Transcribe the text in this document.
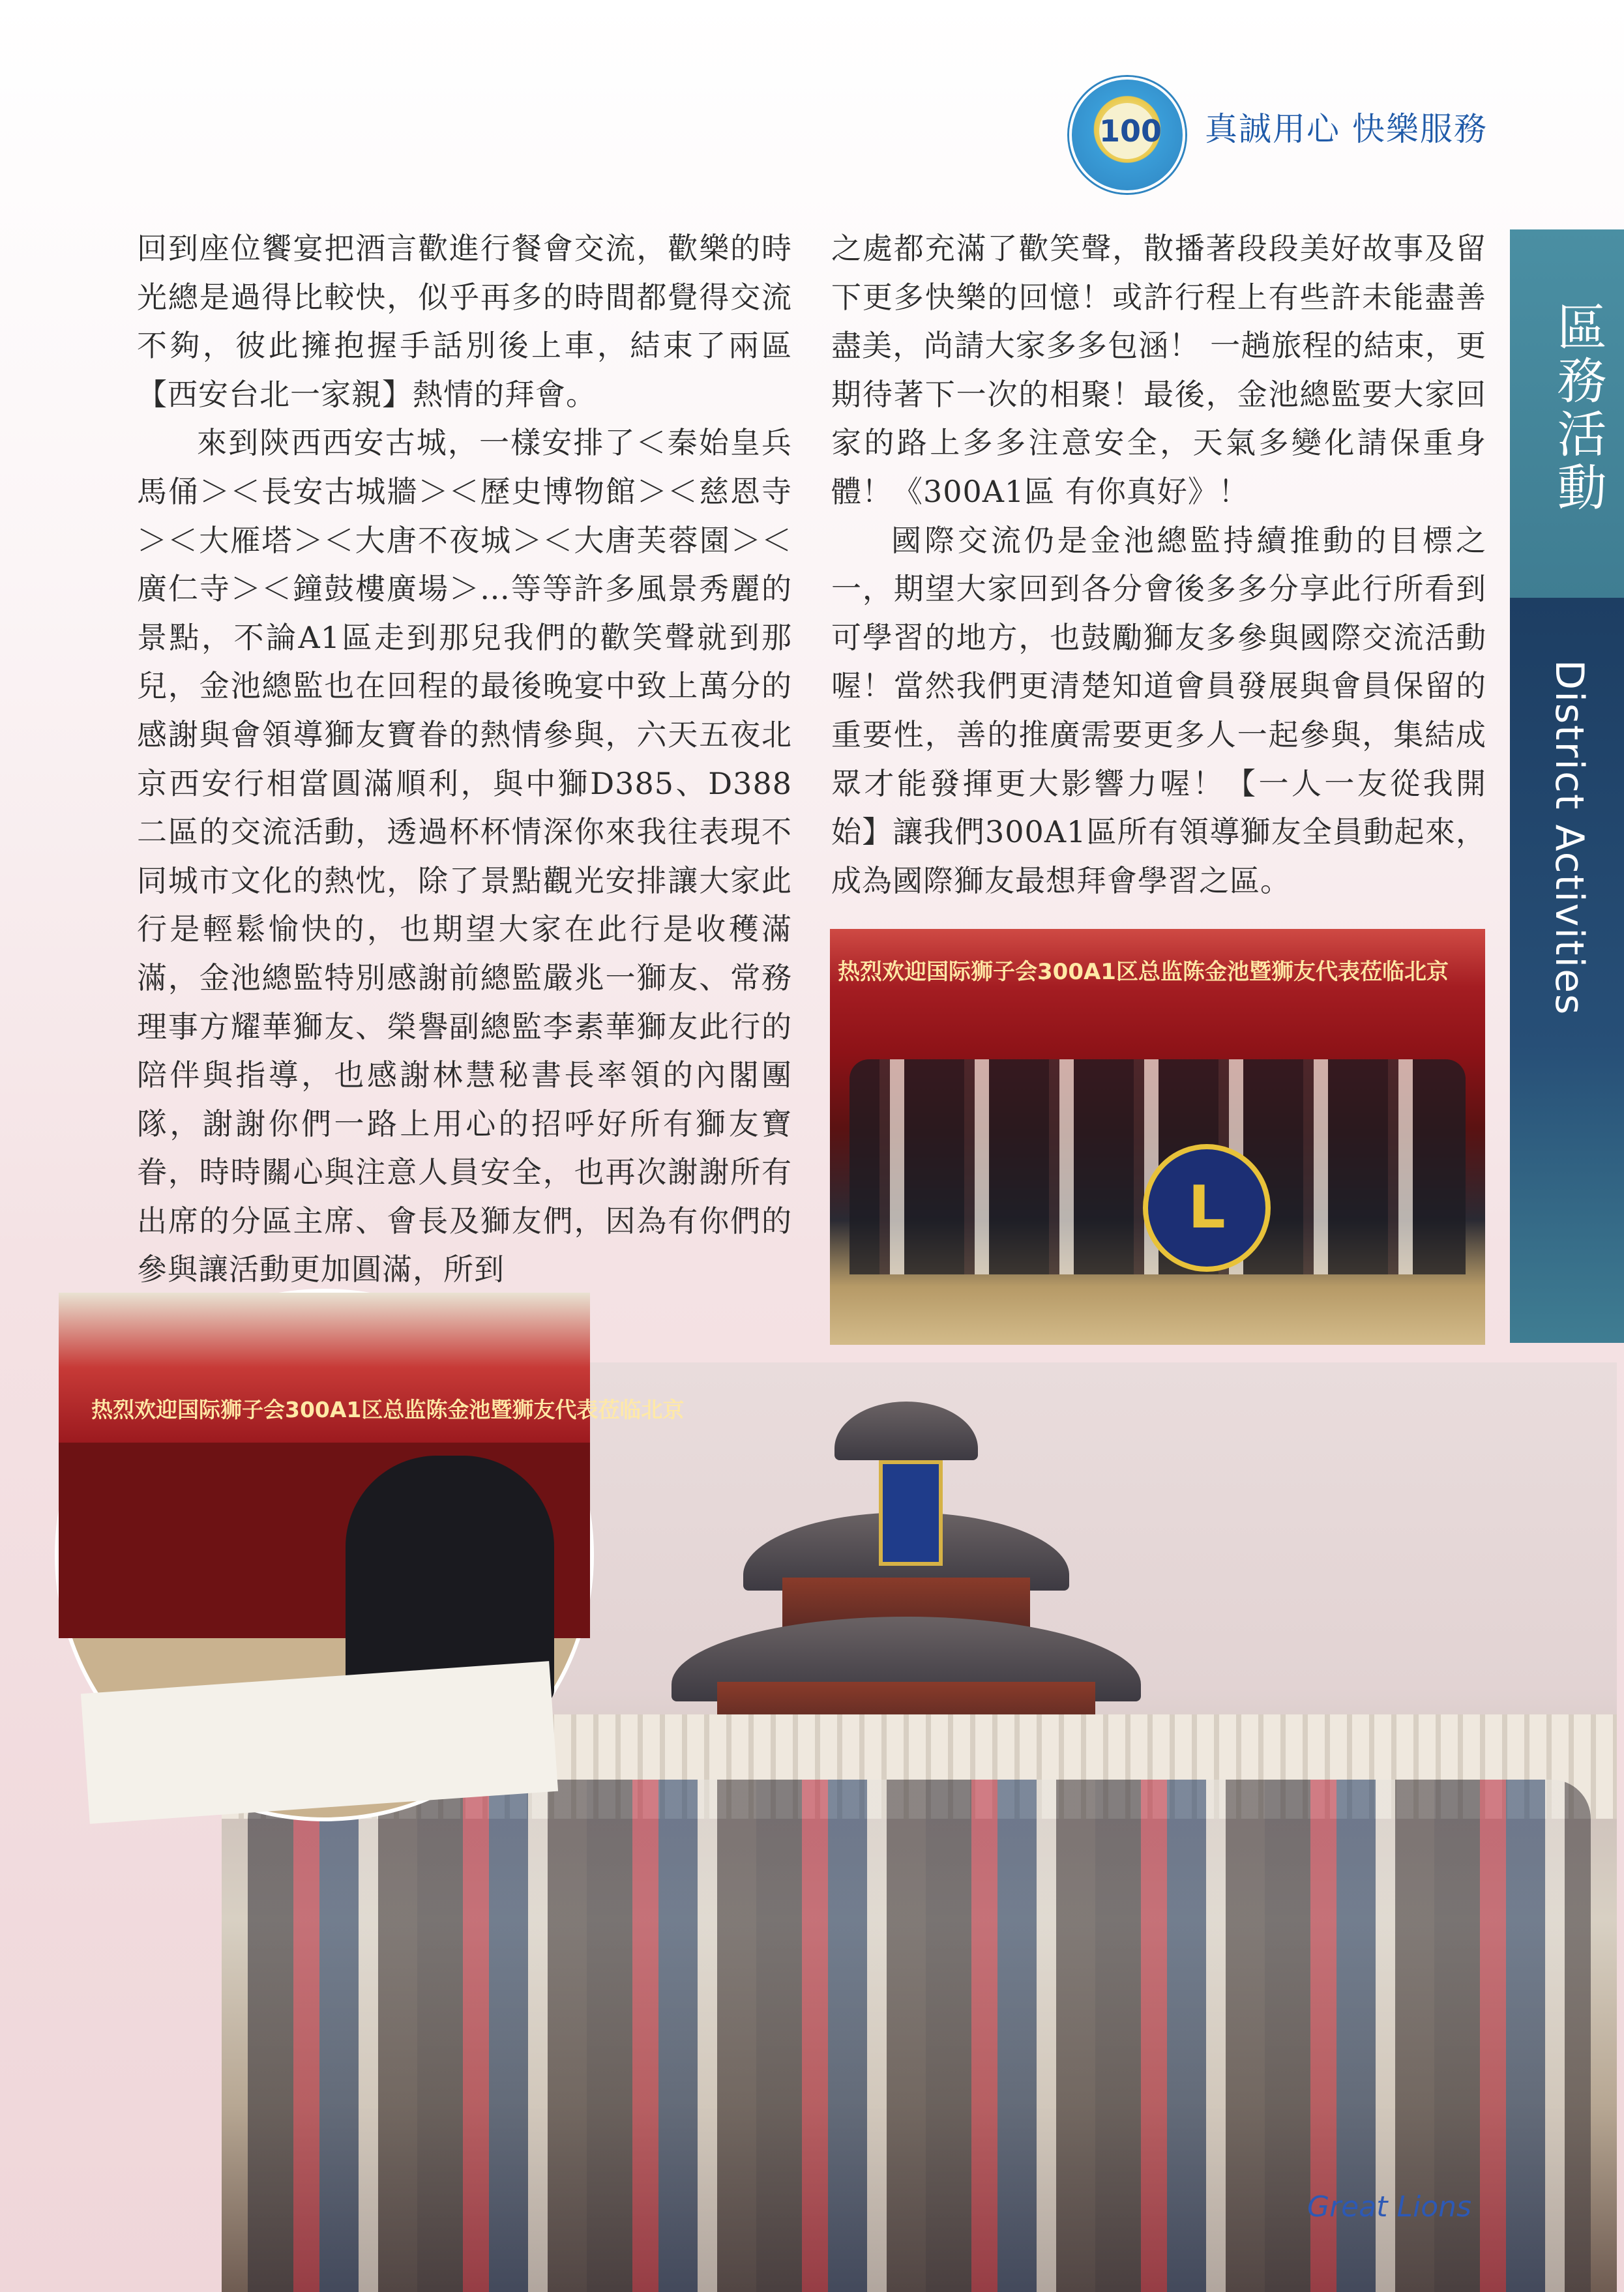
100 真誠用心 快樂服務
區務活動
District Activities

回到座位饗宴把酒言歡進行餐會交流，歡樂的時光總是過得比較快，似乎再多的時間都覺得交流不夠，彼此擁抱握手話別後上車，結束了兩區【西安台北一家親】熱情的拜會。

來到陝西西安古城，一樣安排了＜秦始皇兵馬俑＞＜長安古城牆＞＜歷史博物館＞＜慈恩寺＞＜大雁塔＞＜大唐不夜城＞＜大唐芙蓉園＞＜廣仁寺＞＜鐘鼓樓廣場＞…等等許多風景秀麗的景點，不論A1區走到那兒我們的歡笑聲就到那兒，金池總監也在回程的最後晚宴中致上萬分的感謝與會領導獅友寶眷的熱情參與，六天五夜北京西安行相當圓滿順利，與中獅D385、D388二區的交流活動，透過杯杯情深你來我往表現不同城市文化的熱忱，除了景點觀光安排讓大家此行是輕鬆愉快的，也期望大家在此行是收穫滿滿，金池總監特別感謝前總監嚴兆一獅友、常務理事方耀華獅友、榮譽副總監李素華獅友此行的陪伴與指導，也感謝林慧秘書長率領的內閣團隊，謝謝你們一路上用心的招呼好所有獅友寶眷，時時關心與注意人員安全，也再次謝謝所有出席的分區主席、會長及獅友們，因為有你們的參與讓活動更加圓滿，所到

之處都充滿了歡笑聲，散播著段段美好故事及留下更多快樂的回憶！或許行程上有些許未能盡善盡美，尚請大家多多包涵！ 一趟旅程的結束，更期待著下一次的相聚！最後，金池總監要大家回家的路上多多注意安全，天氣多變化請保重身體！《300A1區 有你真好》！

國際交流仍是金池總監持續推動的目標之一，期望大家回到各分會後多多分享此行所看到可學習的地方，也鼓勵獅友多參與國際交流活動喔！當然我們更清楚知道會員發展與會員保留的重要性，善的推廣需要更多人一起參與，集結成眾才能發揮更大影響力喔！【一人一友從我開始】讓我們300A1區所有領導獅友全員動起來，成為國際獅友最想拜會學習之區。

热烈欢迎国际狮子会300A1区总监陈金池暨狮友代表莅临北京
L
热烈欢迎国际狮子会300A1区总监陈金池暨狮友代表莅临北京
Great Lions
